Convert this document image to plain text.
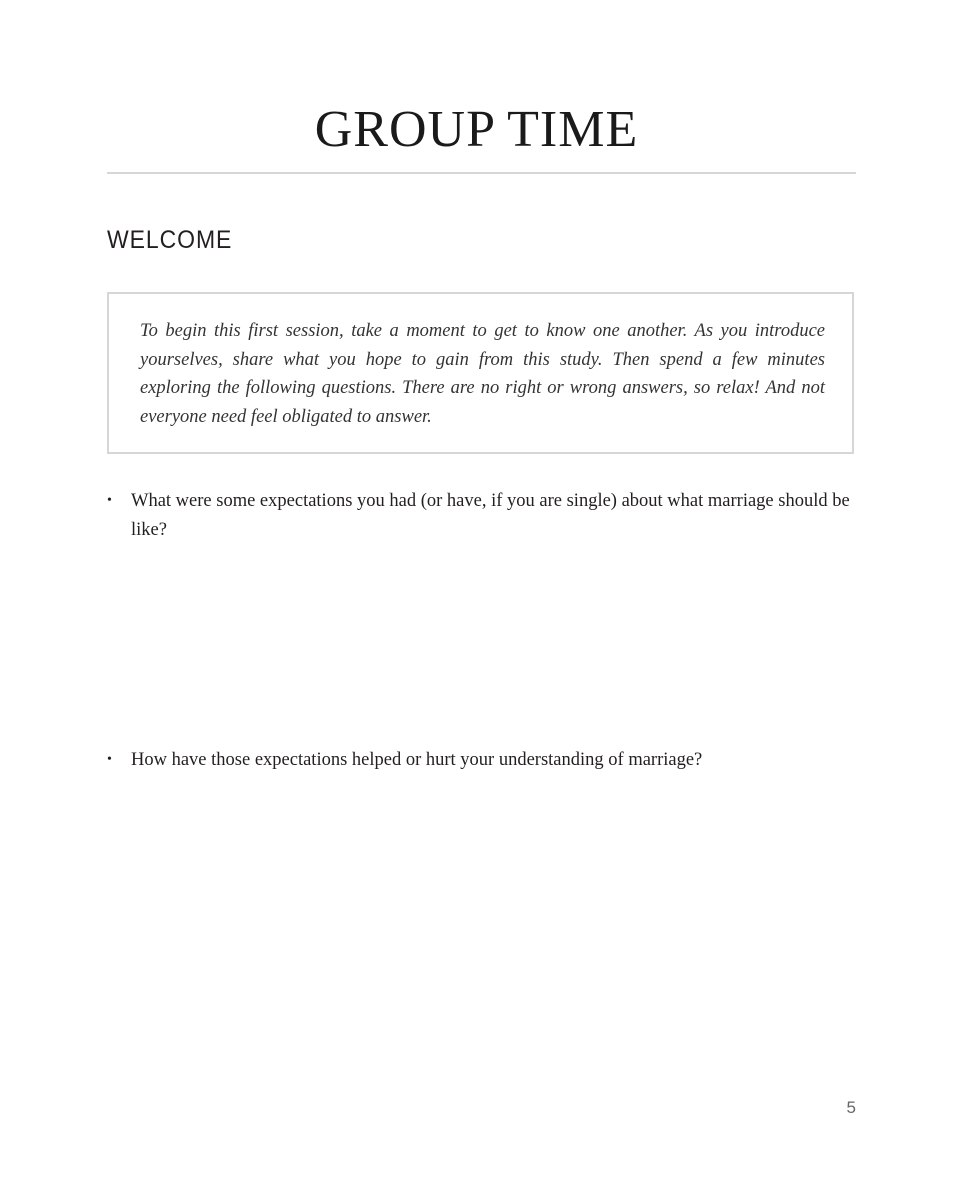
GROUP TIME
WELCOME

To begin this first session, take a moment to get to know one another. As you introduce yourselves, share what you hope to gain from this study. Then spend a few minutes exploring the following questions. There are no right or wrong answers, so relax! And not everyone need feel obligated to answer.

•	What were some expectations you had (or have, if you are single) about what marriage should be like?
•	How have those expectations helped or hurt your understanding of marriage?
5
